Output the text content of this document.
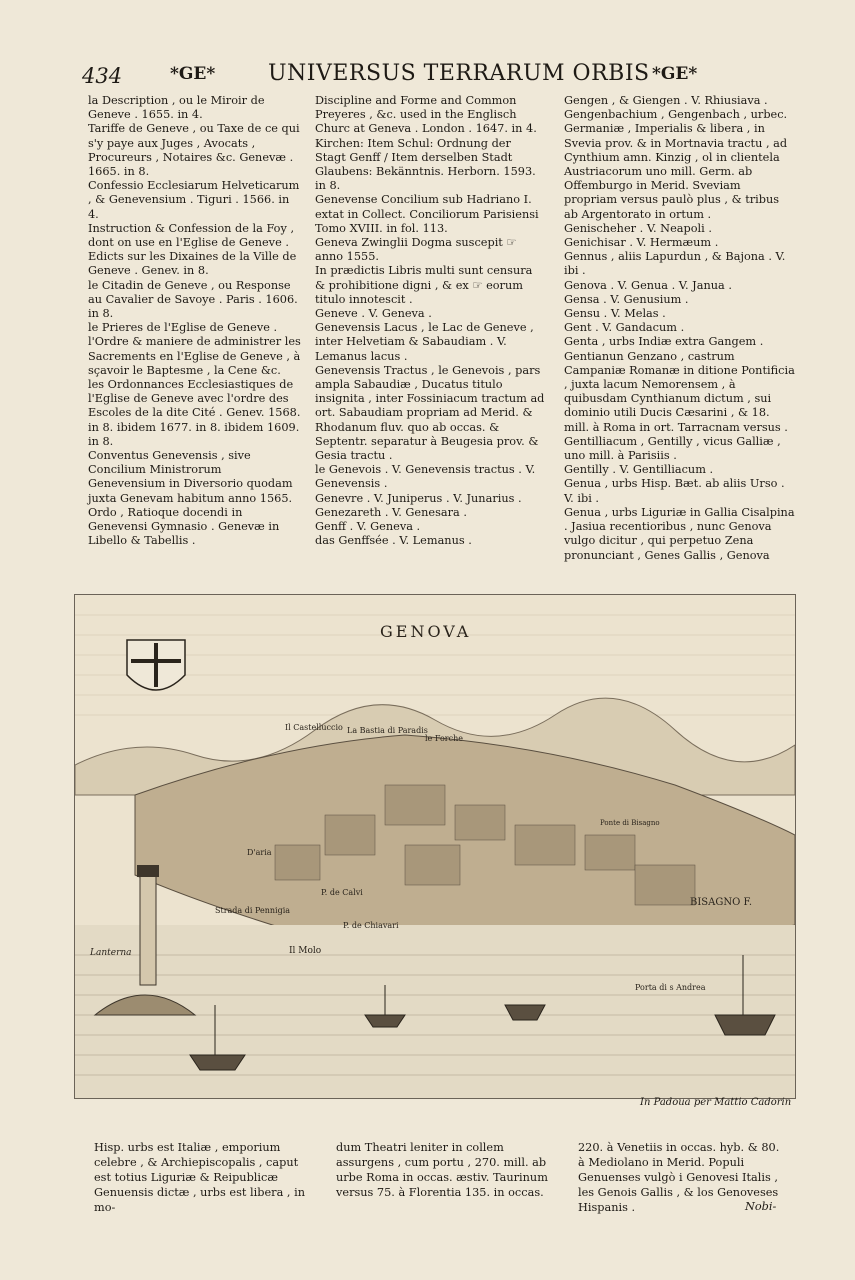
434	*GE* UNIVERSUS TERRARUM ORBIS *GE*

la Description , ou le Miroir de Geneve . 1655. in 4.

Tariffe de Geneve , ou Taxe de ce qui s'y paye aux Juges , Avocats , Procureurs , Notaires &c. Genevæ . 1665. in 8.

Confessio Ecclesiarum Helveticarum , & Genevensium . Tiguri . 1566. in 4.

Instruction & Confession de la Foy , dont on use en l'Eglise de Geneve .

Edicts sur les Dixaines de la Ville de Geneve . Genev. in 8.

le Citadin de Geneve , ou Response au Cavalier de Savoye . Paris . 1606. in 8.

le Prieres de l'Eglise de Geneve .

l'Ordre & maniere de administrer les Sacrements en l'Eglise de Geneve , à sçavoir le Baptesme , la Cene &c.

les Ordonnances Ecclesiastiques de l'Eglise de Geneve avec l'ordre des Escoles de la dite Cité . Genev. 1568. in 8. ibidem 1677. in 8. ibidem 1609. in 8.

Conventus Genevensis , sive Concilium Ministrorum Genevensium in Diversorio quodam juxta Genevam habitum anno 1565.

Ordo , Ratioque docendi in Genevensi Gymnasio . Genevæ in Libello & Tabellis .

Discipline and Forme and Common Preyeres , &c. used in the Englisch Churc at Geneva . London . 1647. in 4.

Kirchen: Item Schul: Ordnung der Stagt Genff / Item derselben Stadt Glaubens: Bekänntnis. Herborn. 1593. in 8.

Genevense Concilium sub Hadriano I. extat in Collect. Conciliorum Parisiensi Tomo XVIII. in fol. 113.

Geneva Zwinglii Dogma suscepit ☞ anno 1555.

In prædictis Libris multi sunt censura & prohibitione digni , & ex ☞ eorum titulo innotescit .

Geneve . V. Geneva .

Genevensis Lacus , le Lac de Geneve , inter Helvetiam & Sabaudiam . V. Lemanus lacus .

Genevensis Tractus , le Genevois , pars ampla Sabaudiæ , Ducatus titulo insignita , inter Fossiniacum tractum ad ort. Sabaudiam propriam ad Merid. & Rhodanum fluv. quo ab occas. & Septentr. separatur à Beugesia prov. & Gesia tractu .

le Genevois . V. Genevensis tractus . V. Genevensis .

Genevre . V. Juniperus . V. Junarius .

Genezareth . V. Genesara .

Genff . V. Geneva .

das Genffsée . V. Lemanus .

Gengen , & Giengen . V. Rhiusiava .

Gengenbachium , Gengenbach , urbec. Germaniæ , Imperialis & libera , in Svevia prov. & in Mortnavia tractu , ad Cynthium amn. Kinzig , ol in clientela Austriacorum uno mill. Germ. ab Offemburgo in Merid. Sveviam propriam versus paulò plus , & tribus ab Argentorato in ortum .

Genischeher . V. Neapoli .

Genichisar . V. Hermæum .

Gennus , aliis Lapurdun , & Bajona . V. ibi .

Genova . V. Genua . V. Janua .

Gensa . V. Genusium .

Gensu . V. Melas .

Gent . V. Gandacum .

Genta , urbs Indiæ extra Gangem .

Gentianun Genzano , castrum Campaniæ Romanæ in ditione Pontificia , juxta lacum Nemorensem , à quibusdam Cynthianum dictum , sui dominio utili Ducis Cæsarini , & 18. mill. à Roma in ort. Tarracnam versus .

Gentilliacum , Gentilly , vicus Galliæ , uno mill. à Parisiis .

Gentilly . V. Gentilliacum .

Genua , urbs Hisp. Bæt. ab aliis Urso . V. ibi .

Genua , urbs Liguriæ in Gallia Cisalpina . Jasiua recentioribus , nunc Genova vulgo dicitur , qui perpetuo Zena pronunciant , Genes Gallis , Genova

GENOVA
Il Castelluccio La Bastia di Paradis
le Forche
Lanterna
Strada di Pennigia
D'aria
P. de Calvi
P. de Chiavari
Il Molo
BISAGNO F.
Porta di s Andrea
Ponte di Bisagno
In Padoua per Mattio Cadorin
Hisp. urbs est Italiæ , emporium celebre , & Archiepiscopalis , caput est totius Liguriæ & Reipublicæ Genuensis dictæ , urbs est libera , in mo-
dum Theatri leniter in collem assurgens , cum portu , 270. mill. ab urbe Roma in occas. æstiv. Taurinum versus 75. à Florentia 135. in occas.
220. à Venetiis in occas. hyb. & 80. à Mediolano in Merid. Populi Genuenses vulgò i Genovesi Italis , les Genois Gallis , & los Genoveses Hispanis .	Nobi-
